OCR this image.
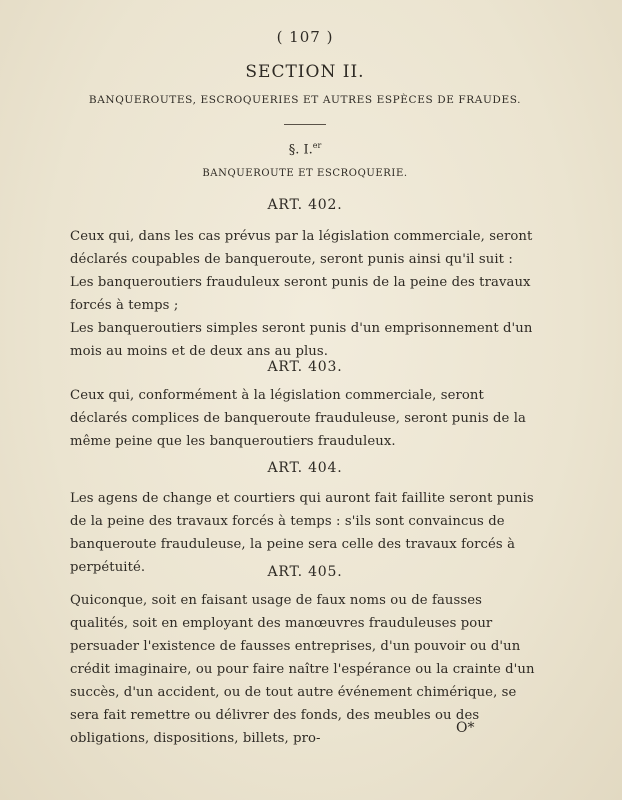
( 107 )
SECTION II.
BANQUEROUTES, ESCROQUERIES ET AUTRES ESPÈCES DE FRAUDES.
§. I.$^{er}$
BANQUEROUTE ET ESCROQUERIE.
ART. 402.

Ceux qui, dans les cas prévus par la législation commerciale, seront déclarés coupables de banqueroute, seront punis ainsi qu'il suit :

Les banqueroutiers frauduleux seront punis de la peine des travaux forcés à temps ;

Les banqueroutiers simples seront punis d'un emprisonnement d'un mois au moins et de deux ans au plus.

ART. 403.

Ceux qui, conformément à la législation commerciale, seront déclarés complices de banqueroute frauduleuse, seront punis de la même peine que les banqueroutiers frauduleux.

ART. 404.

Les agens de change et courtiers qui auront fait faillite seront punis de la peine des travaux forcés à temps : s'ils sont convaincus de banqueroute frauduleuse, la peine sera celle des travaux forcés à perpétuité.	ART. 405.

Quiconque, soit en faisant usage de faux noms ou de fausses qualités, soit en employant des manœuvres frauduleuses pour persuader l'existence de fausses entreprises, d'un pouvoir ou d'un crédit imaginaire, ou pour faire naître l'espérance ou la crainte d'un succès, d'un accident, ou de tout autre événement chimérique, se sera fait remettre ou délivrer des fonds, des meubles ou des obligations, dispositions, billets, pro-

O*
